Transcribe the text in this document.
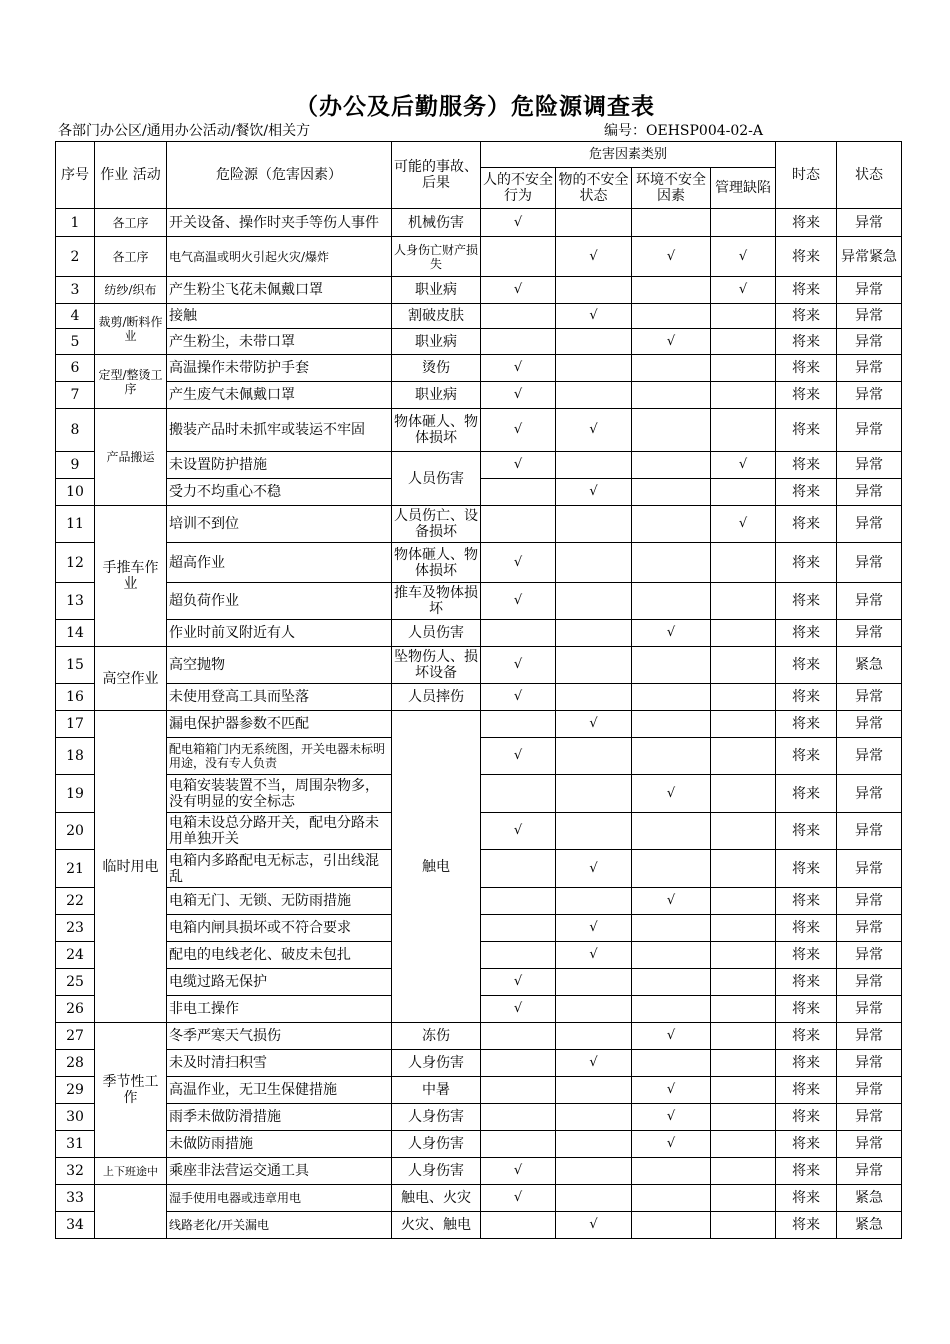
（办公及后勤服务）危险源调查表
各部门办公区/通用办公活动/餐饮/相关方	编号：OEHSP004-02-A
序号	作业 活动	危险源（危害因素）	可能的事故、后果	危害因素类别				时态	状态
				人的不安全行为	物的不安全状态	环境不安全因素	管理缺陷		
1	各工序	开关设备、操作时夹手等伤人事件	机械伤害	√				将来	异常
2	各工序	电气高温或明火引起火灾/爆炸	人身伤亡财产损失		√	√	√	将来	异常紧急
3	纺纱/织布	产生粉尘飞花未佩戴口罩	职业病	√			√	将来	异常
4	裁剪/断料作业	接触	割破皮肤		√			将来	异常
5		产生粉尘，未带口罩	职业病			√		将来	异常
6	定型/整烫工序	高温操作未带防护手套	烫伤	√				将来	异常
7		产生废气未佩戴口罩	职业病	√				将来	异常
8	产品搬运	搬装产品时未抓牢或装运不牢固	物体砸人、物体损坏	√	√			将来	异常
9		未设置防护措施	人员伤害	√			√	将来	异常
10		受力不均重心不稳			√			将来	异常
11	手推车作业	培训不到位	人员伤亡、设备损坏				√	将来	异常
12		超高作业	物体砸人、物体损坏	√				将来	异常
13		超负荷作业	推车及物体损坏	√				将来	异常
14		作业时前叉附近有人	人员伤害			√		将来	异常
15	高空作业	高空抛物	坠物伤人、损坏设备	√				将来	紧急
16		未使用登高工具而坠落	人员摔伤	√				将来	异常
17	临时用电	漏电保护器参数不匹配	触电		√			将来	异常
18		配电箱箱门内无系统图，开关电器未标明用途，没有专人负责		√				将来	异常
19		电箱安装装置不当，周围杂物多，没有明显的安全标志				√		将来	异常
20		电箱未设总分路开关，配电分路未用单独开关		√				将来	异常
21		电箱内多路配电无标志，引出线混乱			√			将来	异常
22		电箱无门、无锁、无防雨措施				√		将来	异常
23		电箱内闸具损坏或不符合要求			√			将来	异常
24		配电的电线老化、破皮未包扎			√			将来	异常
25		电缆过路无保护		√				将来	异常
26		非电工操作		√				将来	异常
27	季节性工作	冬季严寒天气损伤	冻伤			√		将来	异常
28		未及时清扫积雪	人身伤害		√			将来	异常
29		高温作业，无卫生保健措施	中暑			√		将来	异常
30		雨季未做防滑措施	人身伤害			√		将来	异常
31		未做防雨措施	人身伤害			√		将来	异常
32	上下班途中	乘座非法营运交通工具	人身伤害	√				将来	异常
33		湿手使用电器或违章用电	触电、火灾	√				将来	紧急
34		线路老化/开关漏电	火灾、触电		√			将来	紧急
